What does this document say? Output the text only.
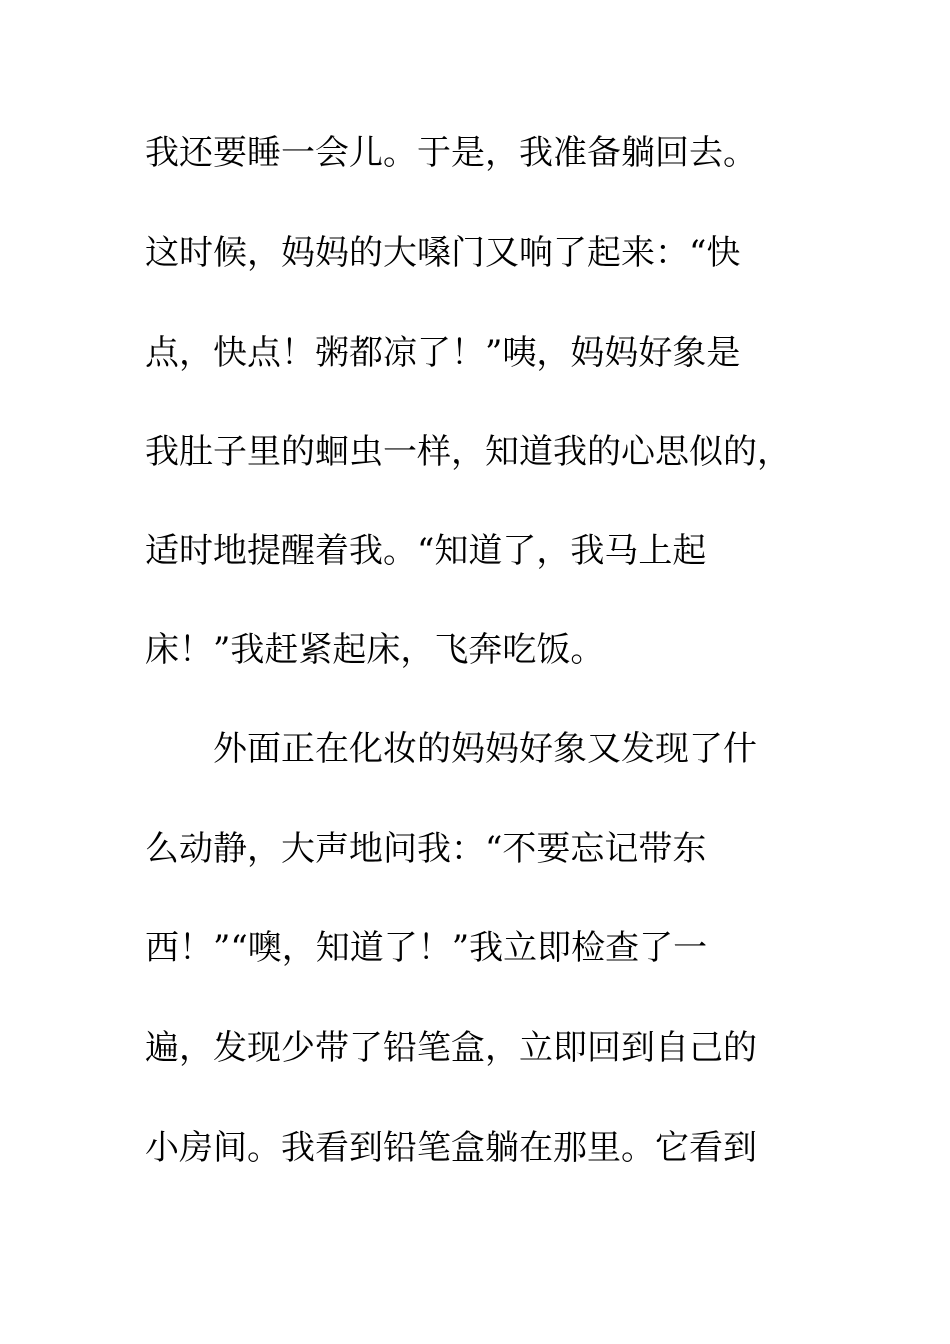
我还要睡一会儿。于是，我准备躺回去。
这时候，妈妈的大嗓门又响了起来：“快
点，快点！粥都凉了！”咦，妈妈好象是
我肚子里的蛔虫一样，知道我的心思似的，
适时地提醒着我。“知道了，我马上起
床！”我赶紧起床，飞奔吃饭。
外面正在化妆的妈妈好象又发现了什
么动静，大声地问我：“不要忘记带东
西！”“噢，知道了！”我立即检查了一
遍，发现少带了铅笔盒，立即回到自己的
小房间。我看到铅笔盒躺在那里。它看到
